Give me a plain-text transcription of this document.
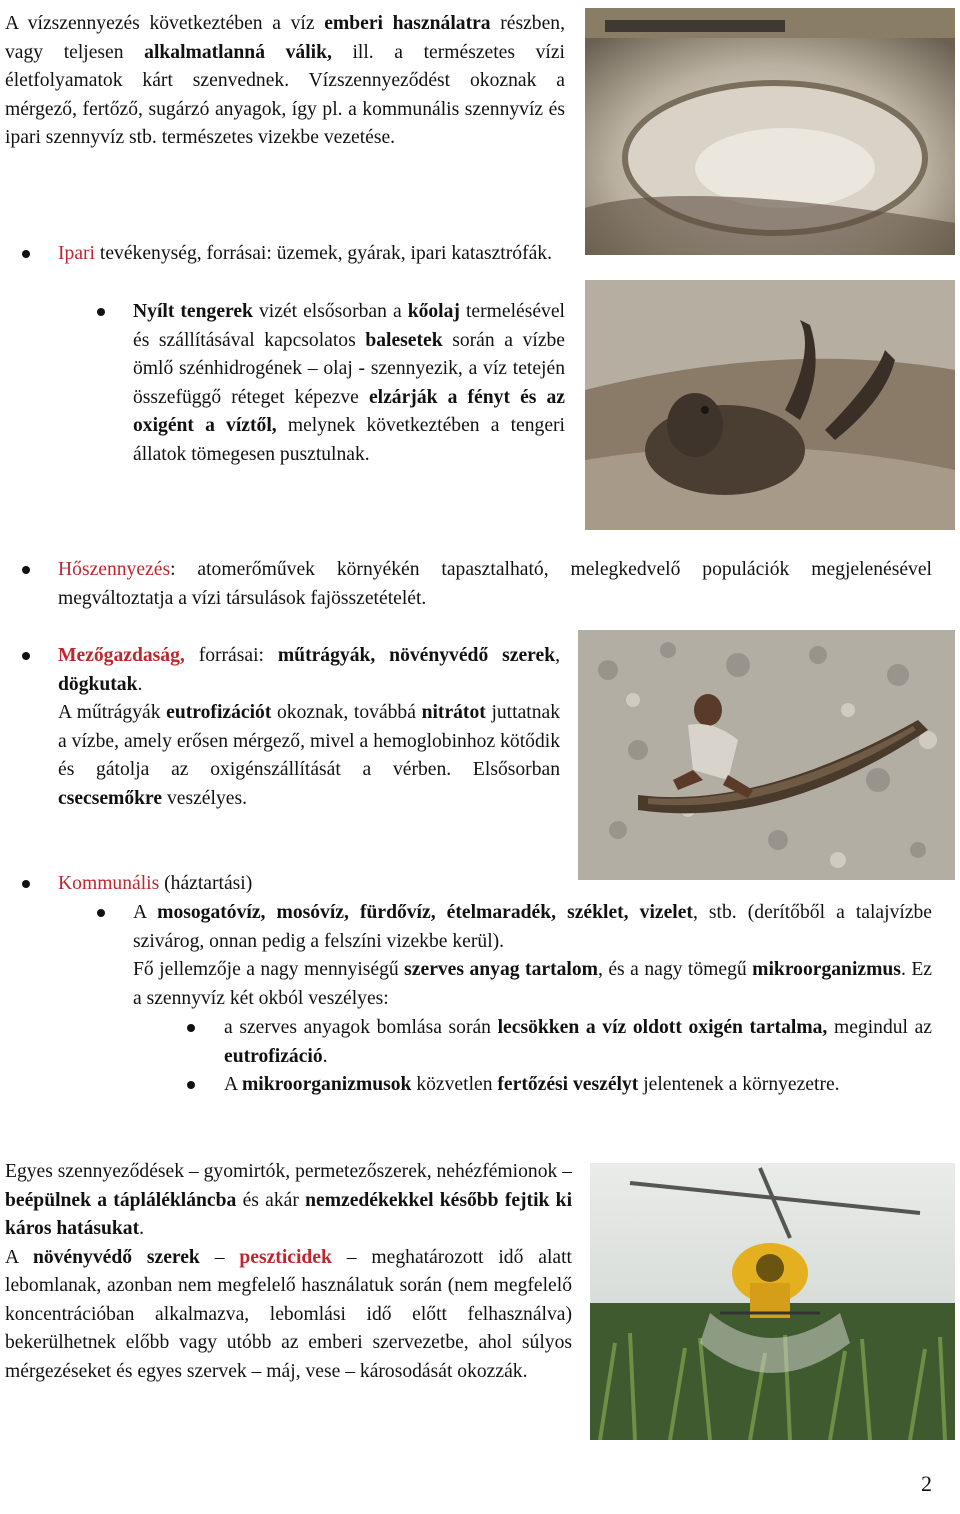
A vízszennyezés következtében a víz emberi használatra részben, vagy teljesen alkalmatlanná válik, ill. a természetes vízi életfolyamatok kárt szenvednek. Vízszennyeződést okoznak a mérgező, fertőző, sugárzó anyagok, így pl. a kommunális szennyvíz és ipari szennyvíz stb. természetes vizekbe vezetése.

Ipari tevékenység, forrásai: üzemek, gyárak, ipari katasztrófák.
Nyílt tengerek vizét elsősorban a kőolaj termelésével és szállításával kapcsolatos balesetek során a vízbe ömlő szénhidrogének – olaj - szennyezik, a víz tetején összefüggő réteget képezve elzárják a fényt és az oxigént a víztől, melynek következtében a tengeri állatok tömegesen pusztulnak.
Hőszennyezés: atomerőművek környékén tapasztalható, melegkedvelő populációk megjelenésével megváltoztatja a vízi társulások fajösszetételét.
Mezőgazdaság, forrásai: műtrágyák, növényvédő szerek, dögkutak.
A műtrágyák eutrofizációt okoznak, továbbá nitrátot juttatnak a vízbe, amely erősen mérgező, mivel a hemoglobinhoz kötődik és gátolja az oxigénszállítását a vérben. Elsősorban csecsemőkre veszélyes.
Kommunális (háztartási)
A mosogatóvíz, mosóvíz, fürdővíz, ételmaradék, széklet, vizelet, stb. (derítőből a talajvízbe szivárog, onnan pedig a felszíni vizekbe kerül).
Fő jellemzője a nagy mennyiségű szerves anyag tartalom, és a nagy tömegű mikroorganizmus. Ez a szennyvíz két okból veszélyes:
a szerves anyagok bomlása során lecsökken a víz oldott oxigén tartalma, megindul az eutrofizáció.
A mikroorganizmusok közvetlen fertőzési veszélyt jelentenek a környezetre.

Egyes szennyeződések – gyomirtók, permetezőszerek, nehézfémionok – beépülnek a táplálékláncba és akár nemzedékekkel később fejtik ki káros hatásukat.

A növényvédő szerek – peszticidek – meghatározott idő alatt lebomlanak, azonban nem megfelelő használatuk során (nem megfelelő koncentrációban alkalmazva, lebomlási idő előtt felhasználva) bekerülhetnek előbb vagy utóbb az emberi szervezetbe, ahol súlyos mérgezéseket és egyes szervek – máj, vese – károsodását okozzák.

2
